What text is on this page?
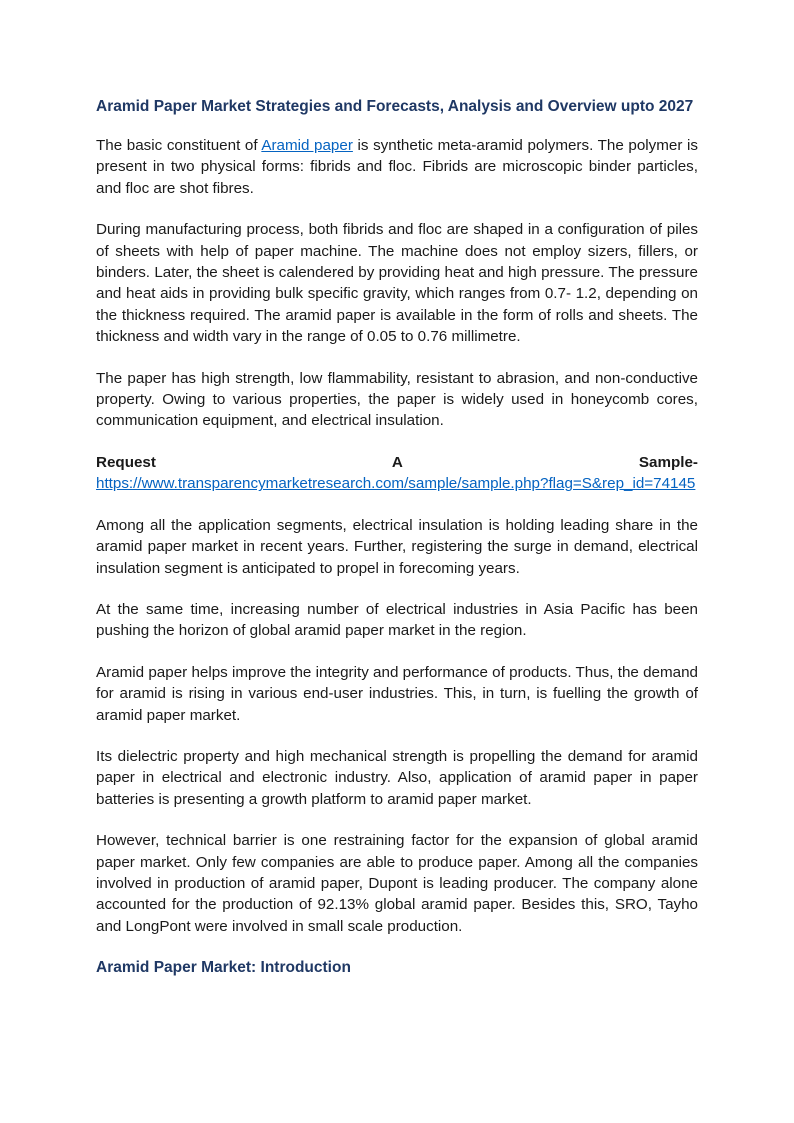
Aramid Paper Market Strategies and Forecasts, Analysis and Overview upto 2027

The basic constituent of Aramid paper is synthetic meta-aramid polymers. The polymer is present in two physical forms: fibrids and floc. Fibrids are microscopic binder particles, and floc are shot fibres.

During manufacturing process, both fibrids and floc are shaped in a configuration of piles of sheets with help of paper machine. The machine does not employ sizers, fillers, or binders. Later, the sheet is calendered by providing heat and high pressure. The pressure and heat aids in providing bulk specific gravity, which ranges from 0.7- 1.2, depending on the thickness required. The aramid paper is available in the form of rolls and sheets. The thickness and width vary in the range of 0.05 to 0.76 millimetre.

The paper has high strength, low flammability, resistant to abrasion, and non-conductive property. Owing to various properties, the paper is widely used in honeycomb cores, communication equipment, and electrical insulation.

Request	A	Sample-
https://www.transparencymarketresearch.com/sample/sample.php?flag=S&rep_id=74145

Among all the application segments, electrical insulation is holding leading share in the aramid paper market in recent years. Further, registering the surge in demand, electrical insulation segment is anticipated to propel in forecoming years.

At the same time, increasing number of electrical industries in Asia Pacific has been pushing the horizon of global aramid paper market in the region.

Aramid paper helps improve the integrity and performance of products. Thus, the demand for aramid is rising in various end-user industries. This, in turn, is fuelling the growth of aramid paper market.

Its dielectric property and high mechanical strength is propelling the demand for aramid paper in electrical and electronic industry. Also, application of aramid paper in paper batteries is presenting a growth platform to aramid paper market.

However, technical barrier is one restraining factor for the expansion of global aramid paper market. Only few companies are able to produce paper. Among all the companies involved in production of aramid paper, Dupont is leading producer. The company alone accounted for the production of 92.13% global aramid paper. Besides this, SRO, Tayho and LongPont were involved in small scale production.

Aramid Paper Market: Introduction
